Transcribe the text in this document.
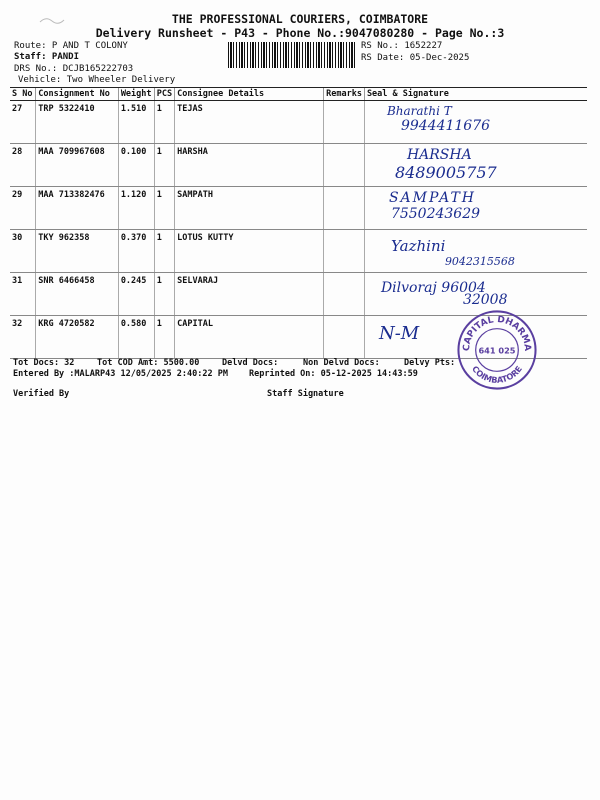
THE PROFESSIONAL COURIERS, COIMBATORE
Delivery Runsheet - P43 - Phone No.:9047080280 - Page No.:3
Route: P AND T COLONY
Staff: PANDI
DRS No.: DCJB165222703
Vehicle: Two Wheeler Delivery
RS No.: 1652227
RS Date: 05-Dec-2025
S No	Consignment No	Weight	PCS	Consignee Details	Remarks	Seal & Signature
27	TRP 5322410	1.510	1	TEJAS		Bharathi T
9944411676

28	MAA 709967608	0.100	1	HARSHA		HARSHA
8489005757

29	MAA 713382476	1.120	1	SAMPATH		SAMPATH
7550243629

30	TKY 962358	0.370	1	LOTUS KUTTY		Yazhini
9042315568

31	SNR 6466458	0.245	1	SELVARAJ		Dilvoraj 96004
32008

32	KRG 4720582	0.580	1	CAPITAL		N-M
CAPITAL DHARMA
COIMBATORE
641 025
Tot Docs: 32	Tot COD Amt: 5500.00	Delvd Docs:	Non Delvd Docs:	Delvy Pts:
Entered By :MALARP43 12/05/2025 2:40:22 PM Reprinted On: 05-12-2025 14:43:59
Verified By	Staff Signature
